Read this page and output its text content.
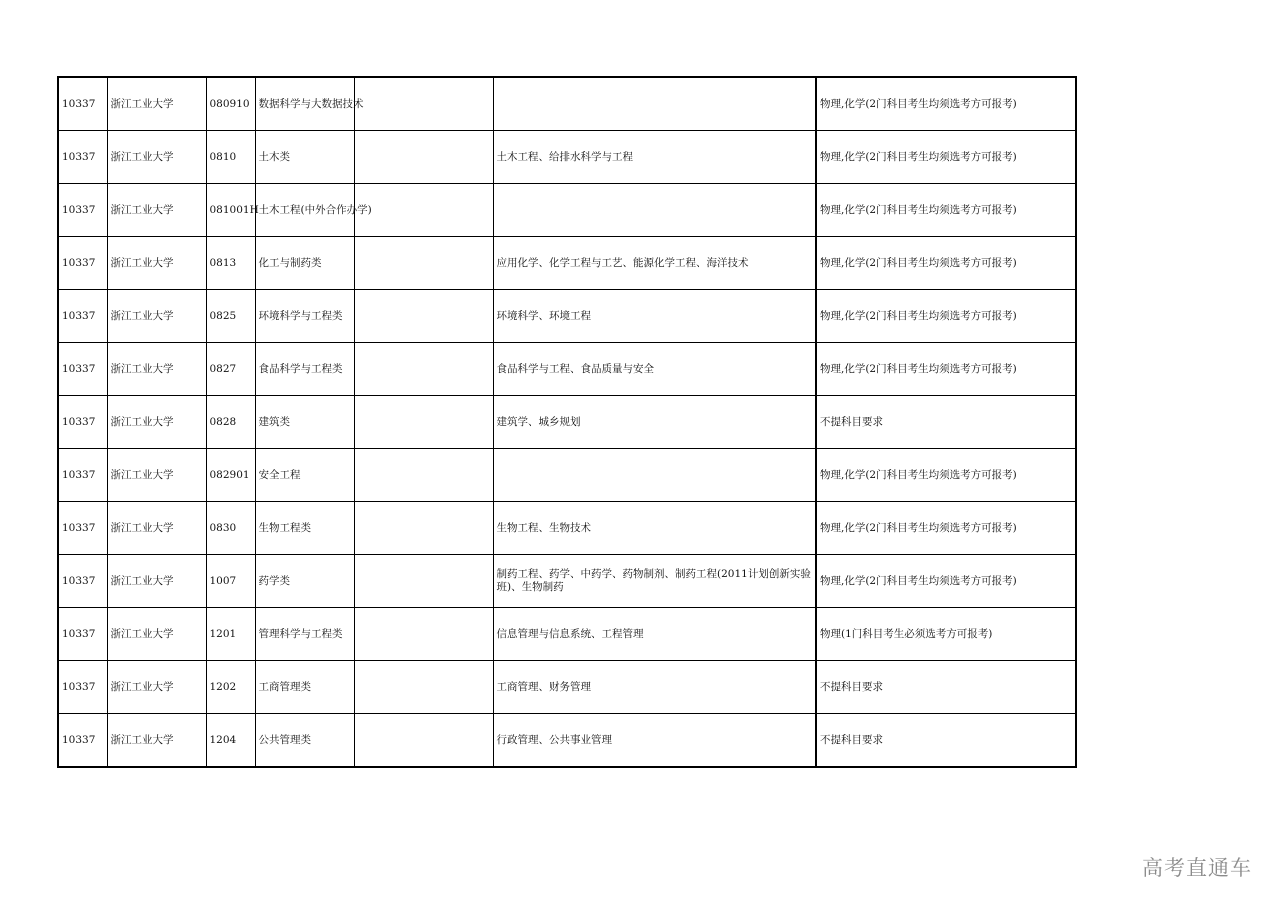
10337	浙江工业大学	080910	数据科学与大数据技术			物理,化学(2门科目考生均须选考方可报考)
10337	浙江工业大学	0810	土木类		土木工程、给排水科学与工程	物理,化学(2门科目考生均须选考方可报考)
10337	浙江工业大学	081001H	土木工程(中外合作办学)			物理,化学(2门科目考生均须选考方可报考)
10337	浙江工业大学	0813	化工与制药类		应用化学、化学工程与工艺、能源化学工程、海洋技术	物理,化学(2门科目考生均须选考方可报考)
10337	浙江工业大学	0825	环境科学与工程类		环境科学、环境工程	物理,化学(2门科目考生均须选考方可报考)
10337	浙江工业大学	0827	食品科学与工程类		食品科学与工程、食品质量与安全	物理,化学(2门科目考生均须选考方可报考)
10337	浙江工业大学	0828	建筑类		建筑学、城乡规划	不提科目要求
10337	浙江工业大学	082901	安全工程			物理,化学(2门科目考生均须选考方可报考)
10337	浙江工业大学	0830	生物工程类		生物工程、生物技术	物理,化学(2门科目考生均须选考方可报考)
10337	浙江工业大学	1007	药学类		制药工程、药学、中药学、药物制剂、制药工程(2011计划创新实验班)、生物制药	物理,化学(2门科目考生均须选考方可报考)
10337	浙江工业大学	1201	管理科学与工程类		信息管理与信息系统、工程管理	物理(1门科目考生必须选考方可报考)
10337	浙江工业大学	1202	工商管理类		工商管理、财务管理	不提科目要求
10337	浙江工业大学	1204	公共管理类		行政管理、公共事业管理	不提科目要求
高考直通车
